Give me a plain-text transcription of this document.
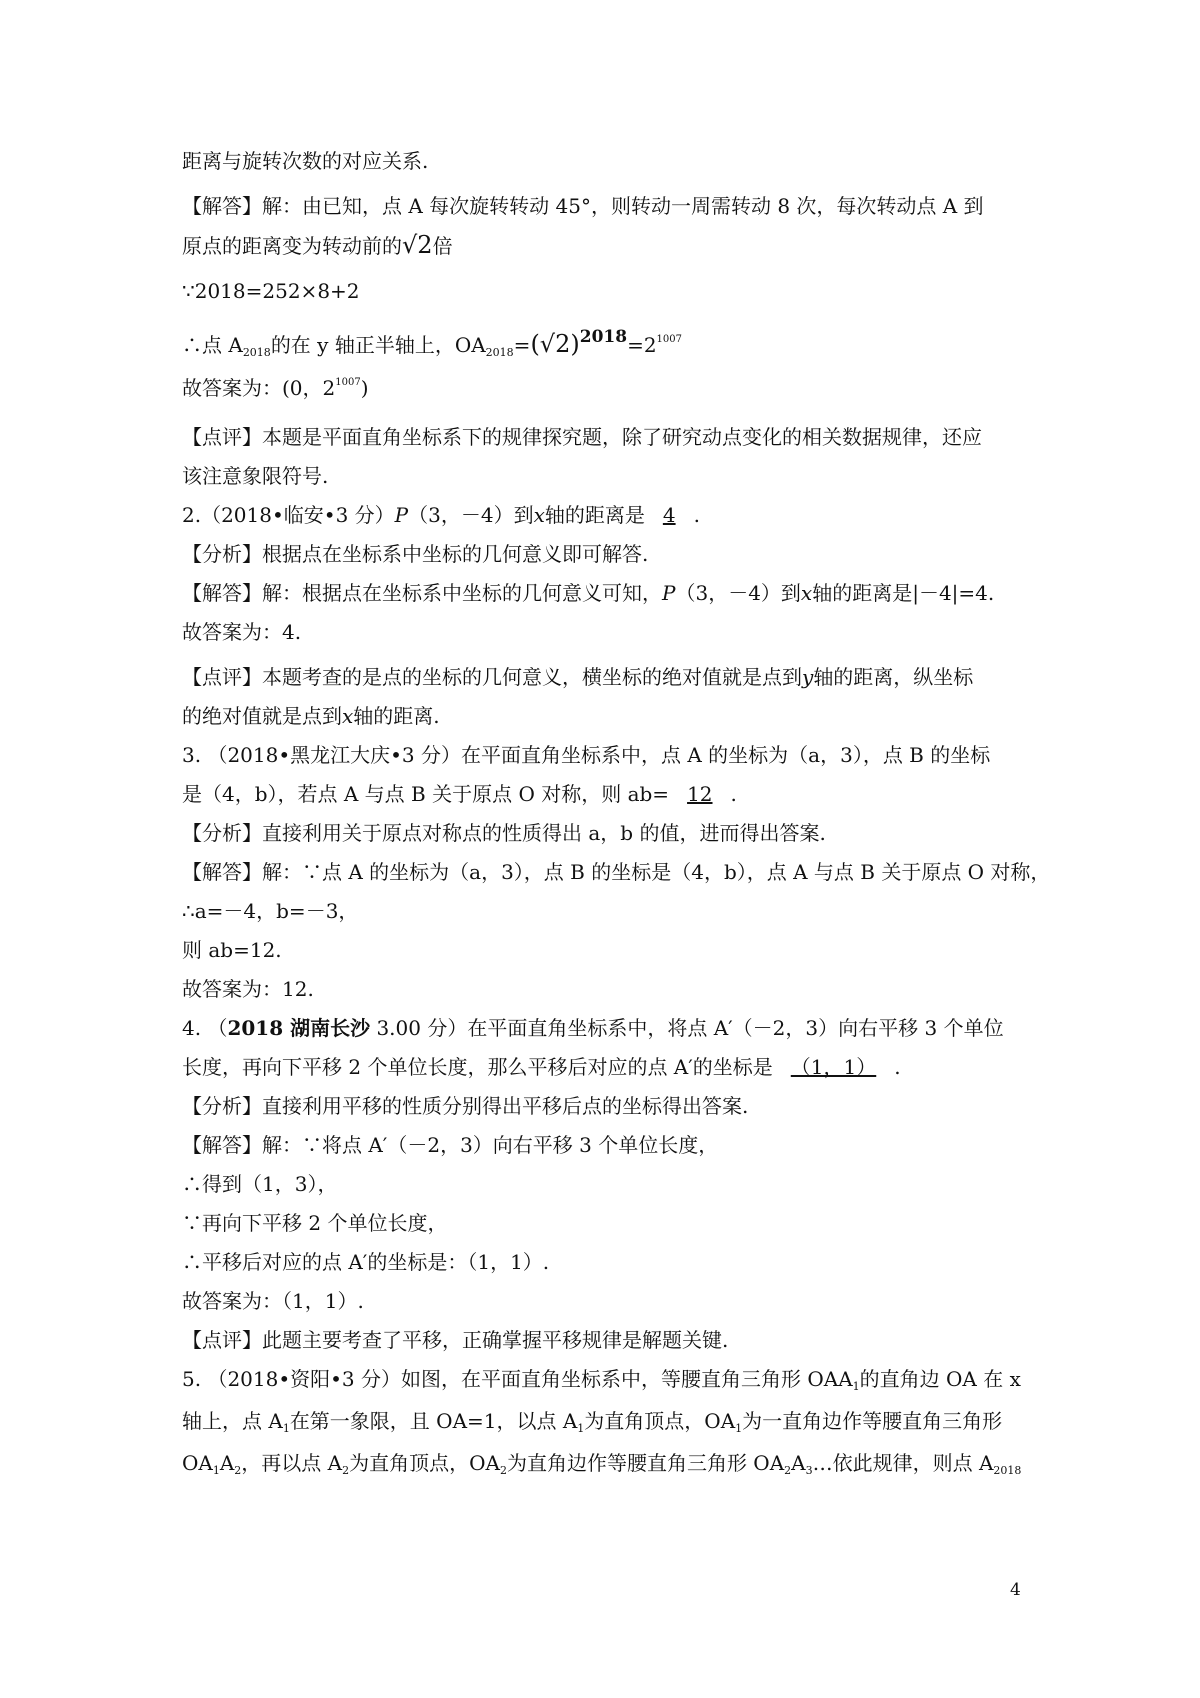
距离与旋转次数的对应关系.
【解答】解：由已知，点 A 每次旋转转动 45°，则转动一周需转动 8 次，每次转动点 A 到
原点的距离变为转动前的√2倍
∵2018=252×8+2
∴点 $A_{2018}$的在 y 轴正半轴上，$OA_{2018}=(√2)^{2018}=2^{1007}$
故答案为：(0，$2^{1007}$)
【点评】本题是平面直角坐标系下的规律探究题，除了研究动点变化的相关数据规律，还应
该注意象限符号.
2.（2018•临安•3 分）P（3，－4）到x轴的距离是 4 .
【分析】根据点在坐标系中坐标的几何意义即可解答.
【解答】解：根据点在坐标系中坐标的几何意义可知，P（3，－4）到x轴的距离是|－4|=4.
故答案为：4.
【点评】本题考查的是点的坐标的几何意义，横坐标的绝对值就是点到y轴的距离，纵坐标
的绝对值就是点到x轴的距离.
3. （2018•黑龙江大庆•3 分）在平面直角坐标系中，点 A 的坐标为（a，3），点 B 的坐标
是（4，b），若点 A 与点 B 关于原点 O 对称，则 ab= 12 .
【分析】直接利用关于原点对称点的性质得出 a，b 的值，进而得出答案.
【解答】解：∵点 A 的坐标为（a，3），点 B 的坐标是（4，b），点 A 与点 B 关于原点 O 对称，
∴a=－4，b=－3，
则 ab=12.
故答案为：12.
4. （2018 湖南长沙 3.00 分）在平面直角坐标系中，将点 A′（－2，3）向右平移 3 个单位
长度，再向下平移 2 个单位长度，那么平移后对应的点 A′的坐标是 （1，1） .
【分析】直接利用平移的性质分别得出平移后点的坐标得出答案.
【解答】解：∵将点 A′（－2，3）向右平移 3 个单位长度，
∴得到（1，3），
∵再向下平移 2 个单位长度，
∴平移后对应的点 A′的坐标是：（1，1）.
故答案为：（1，1）.
【点评】此题主要考查了平移，正确掌握平移规律是解题关键.
5. （2018•资阳•3 分）如图，在平面直角坐标系中，等腰直角三角形 $OAA_1$的直角边 OA 在 x
轴上，点 $A_1$在第一象限，且 OA=1，以点 $A_1$为直角顶点，$OA_1$为一直角边作等腰直角三角形
$OA_1A_2$，再以点 $A_2$为直角顶点，$OA_2$为直角边作等腰直角三角形 $OA_2A_3\dots$依此规律，则点 $A_{2018}$
4
